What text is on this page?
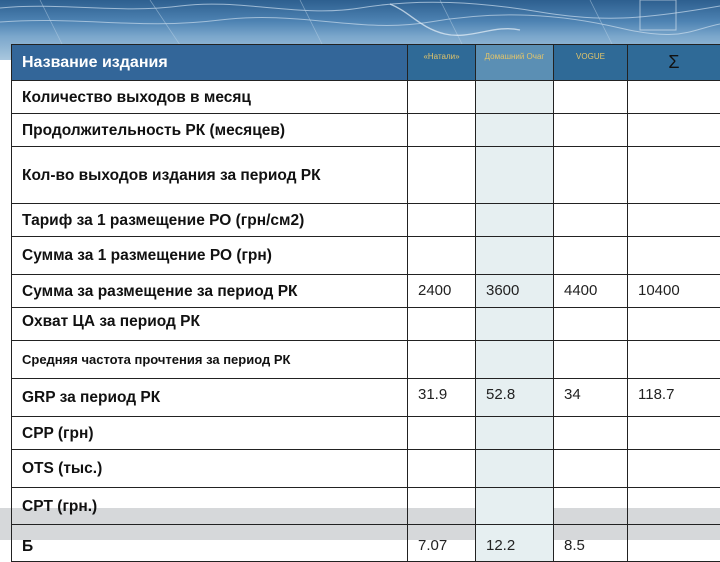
Название издания	«Натали»	Домашний Очаг	VOGUE	Σ
Количество выходов в месяц				
Продолжительность РК (месяцев)				
Кол-во выходов издания за период РК				
Тариф за 1 размещение РО (грн/см2)				
Сумма за 1 размещение РО (грн)				
Сумма за размещение за период РК	2400	3600	4400	10400
Охват ЦА за период РК				
Средняя частота прочтения за период РК				
GRP за период РК	31.9	52.8	34	118.7
CPP (грн)				
OTS (тыс.)				
CPT (грн.)				
Б	7.07	12.2	8.5	
